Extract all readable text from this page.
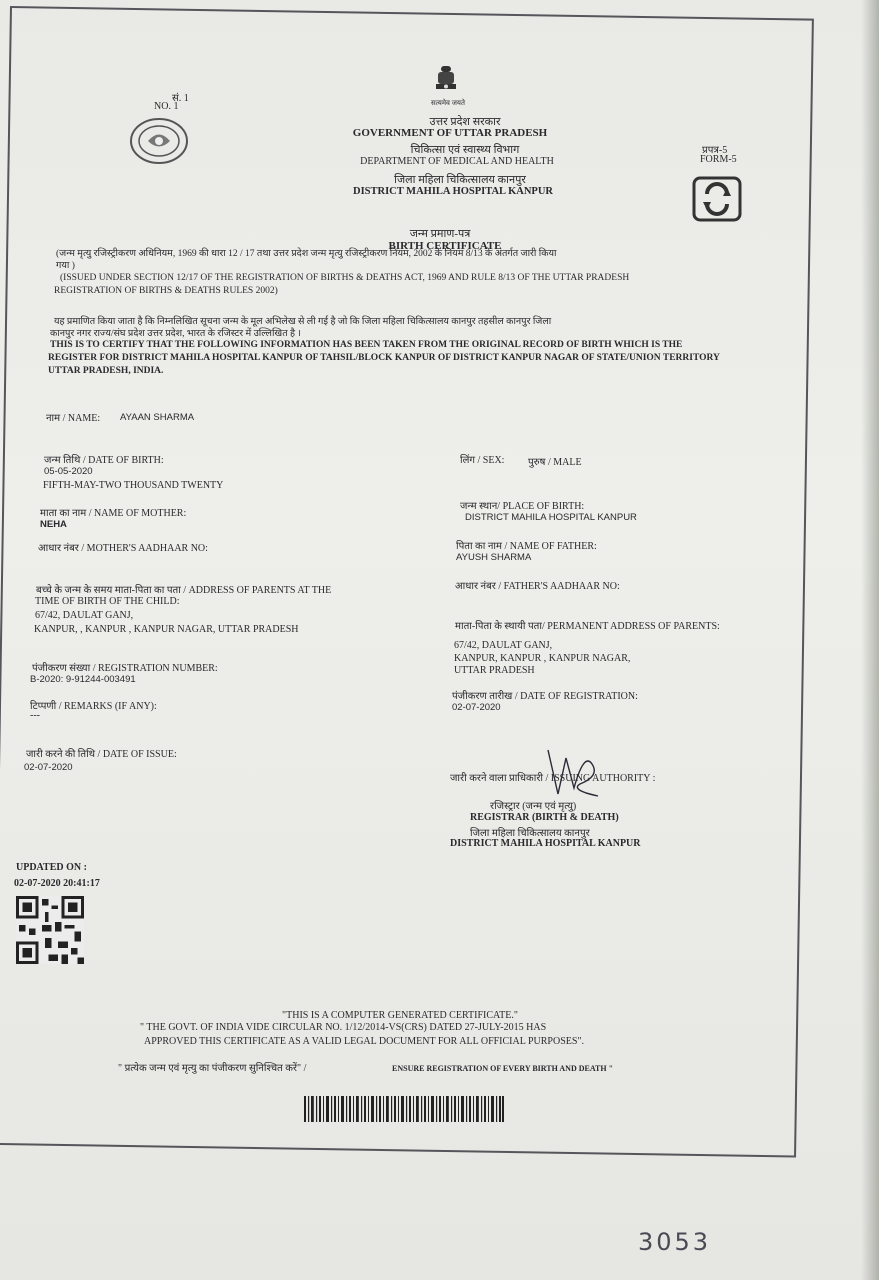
सं. 1
NO. 1	सत्यमेव जयते
उत्तर प्रदेश सरकार
GOVERNMENT OF UTTAR PRADESH
चिकित्सा एवं स्वास्थ्य विभाग
DEPARTMENT OF MEDICAL AND HEALTH
जिला महिला चिकित्सालय कानपुर
DISTRICT MAHILA HOSPITAL KANPUR
प्रपत्र-5
FORM-5
जन्म प्रमाण-पत्र
BIRTH CERTIFICATE
(जन्म मृत्यु रजिस्ट्रीकरण अधिनियम, 1969 की धारा 12 / 17 तथा उत्तर प्रदेश जन्म मृत्यु रजिस्ट्रीकरण नियम, 2002 के नियम 8/13 के अंतर्गत जारी किया
गया )
(ISSUED UNDER SECTION 12/17 OF THE REGISTRATION OF BIRTHS & DEATHS ACT, 1969 AND RULE 8/13 OF THE UTTAR PRADESH
REGISTRATION OF BIRTHS & DEATHS RULES 2002)
यह प्रमाणित किया जाता है कि निम्नलिखित सूचना जन्म के मूल अभिलेख से ली गई है जो कि जिला महिला चिकित्सालय कानपुर तहसील कानपुर जिला
कानपुर नगर राज्य/संघ प्रदेश उत्तर प्रदेश, भारत के रजिस्टर में उल्लिखित है ।
THIS IS TO CERTIFY THAT THE FOLLOWING INFORMATION HAS BEEN TAKEN FROM THE ORIGINAL RECORD OF BIRTH WHICH IS THE
REGISTER FOR DISTRICT MAHILA HOSPITAL KANPUR OF TAHSIL/BLOCK KANPUR OF DISTRICT KANPUR NAGAR OF STATE/UNION TERRITORY
UTTAR PRADESH, INDIA.
नाम / NAME: AYAAN SHARMA
जन्म तिथि / DATE OF BIRTH:
05-05-2020
FIFTH-MAY-TWO THOUSAND TWENTY
लिंग / SEX: पुरुष / MALE
जन्म स्थान/ PLACE OF BIRTH:
DISTRICT MAHILA HOSPITAL KANPUR
माता का नाम / NAME OF MOTHER:
NEHA
पिता का नाम / NAME OF FATHER:
AYUSH SHARMA
आधार नंबर / MOTHER'S AADHAAR NO:
आधार नंबर / FATHER'S AADHAAR NO:
बच्चे के जन्म के समय माता-पिता का पता / ADDRESS OF PARENTS AT THE
TIME OF BIRTH OF THE CHILD:
67/42, DAULAT GANJ,
KANPUR, , KANPUR , KANPUR NAGAR, UTTAR PRADESH	माता-पिता के स्थायी पता/ PERMANENT ADDRESS OF PARENTS:
67/42, DAULAT GANJ,
KANPUR, KANPUR , KANPUR NAGAR,
UTTAR PRADESH
पंजीकरण संख्या / REGISTRATION NUMBER:
B-2020: 9-91244-003491
पंजीकरण तारीख / DATE OF REGISTRATION:
02-07-2020
टिप्पणी / REMARKS (IF ANY):
---
जारी करने की तिथि / DATE OF ISSUE:
02-07-2020
जारी करने वाला प्राधिकारी / ISSUING AUTHORITY :
रजिस्ट्रार (जन्म एवं मृत्यु)
REGISTRAR (BIRTH & DEATH)
जिला महिला चिकित्सालय कानपुर
DISTRICT MAHILA HOSPITAL KANPUR
UPDATED ON :
02-07-2020 20:41:17
"THIS IS A COMPUTER GENERATED CERTIFICATE."
" THE GOVT. OF INDIA VIDE CIRCULAR NO. 1/12/2014-VS(CRS) DATED 27-JULY-2015 HAS
APPROVED THIS CERTIFICATE AS A VALID LEGAL DOCUMENT FOR ALL OFFICIAL PURPOSES".
" प्रत्येक जन्म एवं मृत्यु का पंजीकरण सुनिश्चित करें" /	ENSURE REGISTRATION OF EVERY BIRTH AND DEATH "
3053
